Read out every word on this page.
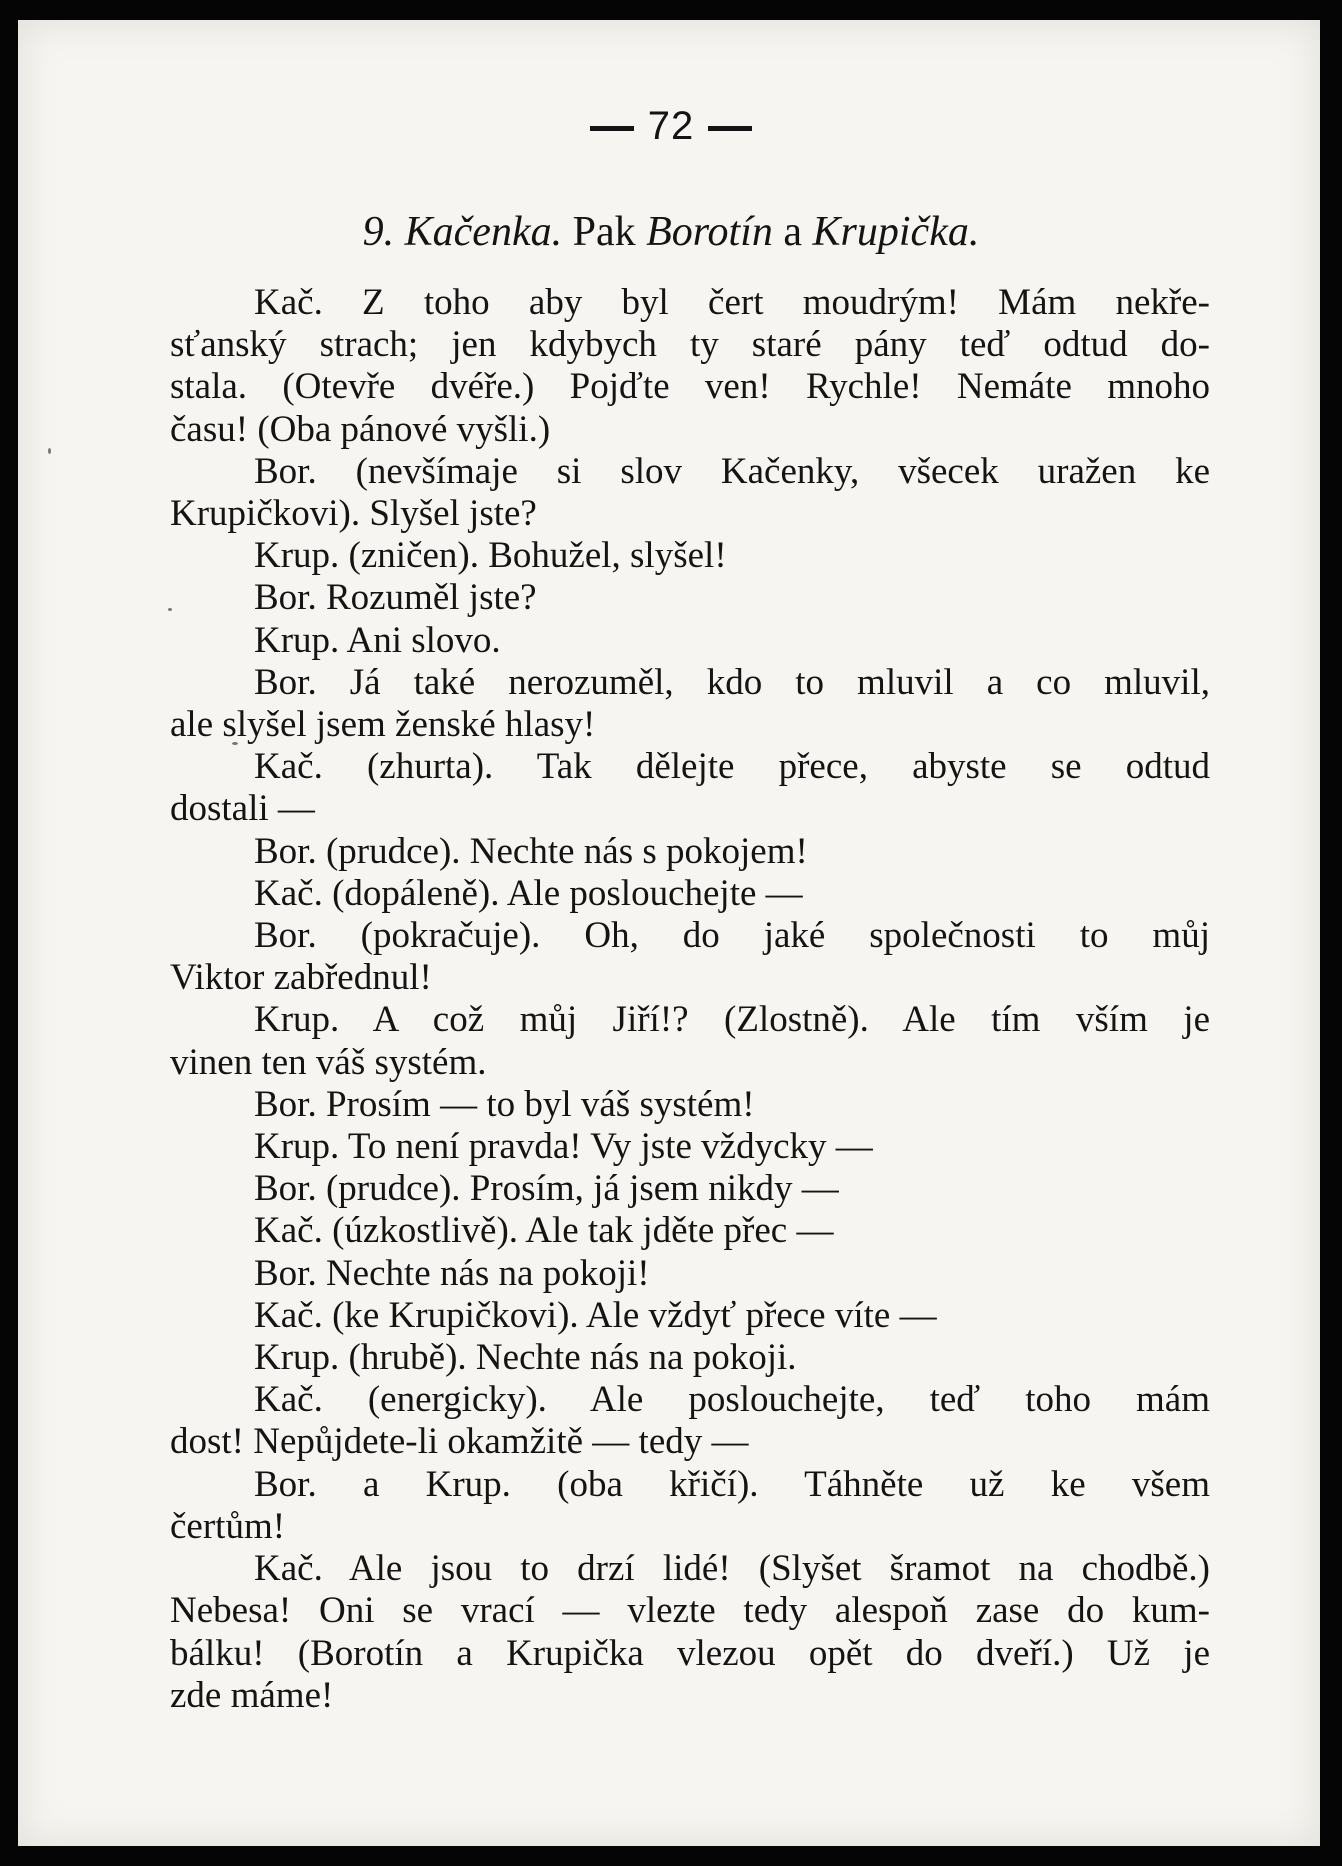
72
9. Kačenka. Pak Borotín a Krupička.
Kač. Z toho aby byl čert moudrým! Mám nekře-
sťanský strach; jen kdybych ty staré pány teď odtud do-
stala. (Otevře dvéře.) Pojďte ven! Rychle! Nemáte mnoho
času! (Oba pánové vyšli.)
Bor. (nevšímaje si slov Kačenky, všecek uražen ke
Krupičkovi). Slyšel jste?
Krup. (zničen). Bohužel, slyšel!
Bor. Rozuměl jste?
Krup. Ani slovo.
Bor. Já také nerozuměl, kdo to mluvil a co mluvil,
ale slyšel jsem ženské hlasy!
Kač. (zhurta). Tak dělejte přece, abyste se odtud
dostali —
Bor. (prudce). Nechte nás s pokojem!
Kač. (dopáleně). Ale poslouchejte —
Bor. (pokračuje). Oh, do jaké společnosti to můj
Viktor zabřednul!
Krup. A což můj Jiří!? (Zlostně). Ale tím vším je
vinen ten váš systém.
Bor. Prosím — to byl váš systém!
Krup. To není pravda! Vy jste vždycky —
Bor. (prudce). Prosím, já jsem nikdy —
Kač. (úzkostlivě). Ale tak jděte přec —
Bor. Nechte nás na pokoji!
Kač. (ke Krupičkovi). Ale vždyť přece víte —
Krup. (hrubě). Nechte nás na pokoji.
Kač. (energicky). Ale poslouchejte, teď toho mám
dost! Nepůjdete-li okamžitě — tedy —
Bor. a Krup. (oba křičí). Táhněte už ke všem
čertům!
Kač. Ale jsou to drzí lidé! (Slyšet šramot na chodbě.)
Nebesa! Oni se vrací — vlezte tedy alespoň zase do kum-
bálku! (Borotín a Krupička vlezou opět do dveří.) Už je
zde máme!
